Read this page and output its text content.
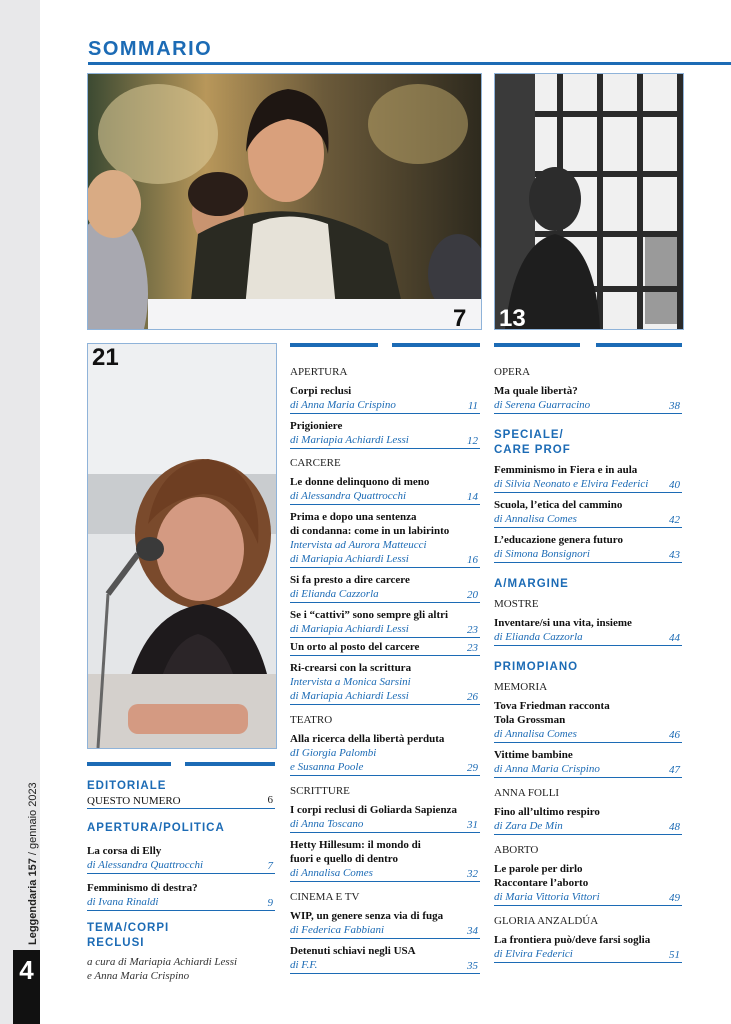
Leggendaria 157 / gennaio 2023
4
SOMMARIO
7 13
21

EDITORIALE

QUESTO NUMERO	6

APERTURA/POLITICA

La corsa di Elly

di Alessandra Quattrocchi	7

Femminismo di destra?

di Ivana Rinaldi	9

TEMA/CORPI

RECLUSI

a cura di Mariapia Achiardi Lessi

e Anna Maria Crispino

APERTURA

Corpi reclusi

di Anna Maria Crispino	11

Prigioniere

di Mariapia Achiardi Lessi	12

CARCERE

Le donne delinquono di meno

di Alessandra Quattrocchi	14

Prima e dopo una sentenza

di condanna: come in un labirinto

Intervista ad Aurora Matteucci

di Mariapia Achiardi Lessi	16

Si fa presto a dire carcere

di Elianda Cazzorla	20

Se i “cattivi” sono sempre gli altri

di Mariapia Achiardi Lessi	23

Un orto al posto del carcere	23

Ri-crearsi con la scrittura

Intervista a Monica Sarsini

di Mariapia Achiardi Lessi	26

TEATRO

Alla ricerca della libertà perduta

dI Giorgia Palombi

e Susanna Poole	29

SCRITTURE

I corpi reclusi di Goliarda Sapienza

di Anna Toscano	31

Hetty Hillesum: il mondo di

fuori e quello di dentro

di Annalisa Comes	32

CINEMA E TV

WIP, un genere senza via di fuga

di Federica Fabbiani	34

Detenuti schiavi negli USA

di F.F.	35

OPERA

Ma quale libertà?

di Serena Guarracino	38

SPECIALE/

CARE PROF

Femminismo in Fiera e in aula

di Silvia Neonato e Elvira Federici	40

Scuola, l’etica del cammino

di Annalisa Comes	42

L’educazione genera futuro

di Simona Bonsignori	43

A/MARGINE

MOSTRE

Inventare/si una vita, insieme

di Elianda Cazzorla	44

PRIMOPIANO

MEMORIA

Tova Friedman racconta

Tola Grossman

di Annalisa Comes	46

Vittime bambine

di Anna Maria Crispino	47

ANNA FOLLI

Fino all’ultimo respiro

di Zara De Min	48

ABORTO

Le parole per dirlo

Raccontare l’aborto

di Maria Vittoria Vittori	49

GLORIA ANZALDÚA

La frontiera può/deve farsi soglia

di Elvira Federici	51
